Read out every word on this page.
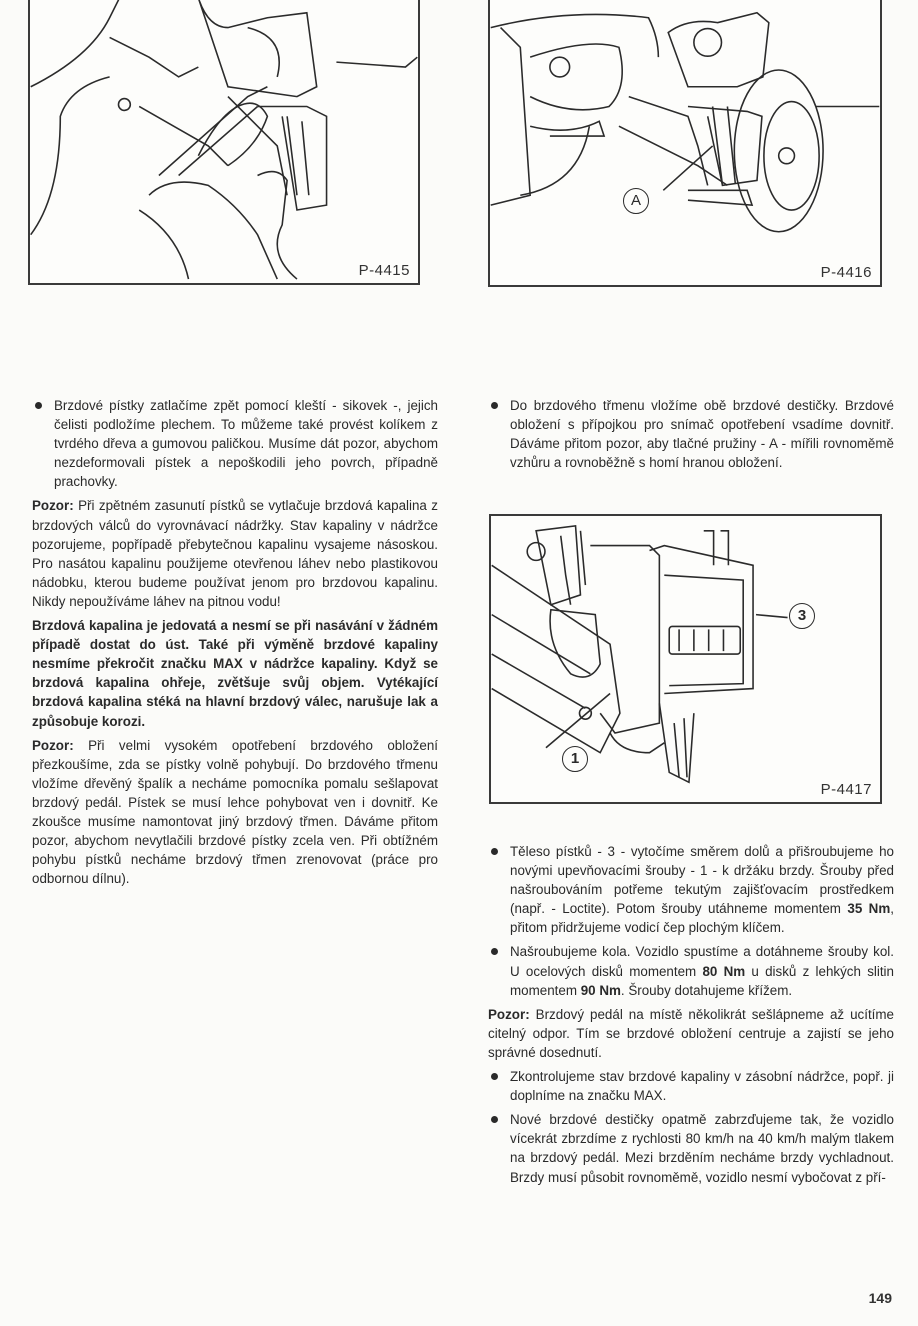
P-4415
A
P-4416
Do brzdového třmenu vložíme obě brzdové destičky. Brzdové obložení s přípojkou pro snímač opotřebení vsadíme dovnitř. Dáváme přitom pozor, aby tlačné pružiny - A - mířili rovnoměmě vzhůru a rovnoběžně s homí hranou obložení.
3
1
P-4417
Brzdové pístky zatlačíme zpět pomocí kleští - sikovek -, jejich čelisti podložíme plechem. To můžeme také provést kolíkem z tvrdého dřeva a gumovou paličkou. Musíme dát pozor, abychom nezdeformovali pístek a nepoškodili jeho povrch, případně prachovky.
Pozor: Při zpětném zasunutí pístků se vytlačuje brzdová kapalina z brzdových válců do vyrovnávací nádržky. Stav kapaliny v nádržce pozorujeme, popřípadě přebytečnou kapalinu vysajeme násoskou. Pro nasátou kapalinu použijeme otevřenou láhev nebo plastikovou nádobku, kterou budeme používat jenom pro brzdovou kapalinu. Nikdy nepoužíváme láhev na pitnou vodu!
Brzdová kapalina je jedovatá a nesmí se při nasávání v žádném případě dostat do úst. Také při výměně brzdové kapaliny nesmíme překročit značku MAX v nádržce kapaliny. Když se brzdová kapalina ohřeje, zvětšuje svůj objem. Vytékající brzdová kapalina stéká na hlavní brzdový válec, narušuje lak a způsobuje korozi.
Pozor: Při velmi vysokém opotřebení brzdového obložení přezkoušíme, zda se pístky volně pohybují. Do brzdového třmenu vložíme dřevěný špalík a necháme pomocníka pomalu sešlapovat brzdový pedál. Pístek se musí lehce pohybovat ven i dovnitř. Ke zkoušce musíme namontovat jiný brzdový třmen. Dáváme přitom pozor, abychom nevytlačili brzdové pístky zcela ven. Při obtížném pohybu pístků necháme brzdový třmen zrenovovat (práce pro odbornou dílnu).
Těleso pístků - 3 - vytočíme směrem dolů a přišroubujeme ho novými upevňovacími šrouby - 1 - k držáku brzdy. Šrouby před našroubováním potřeme tekutým zajišťovacím prostředkem (např. - Loctite). Potom šrouby utáhneme momentem 35 Nm, přitom přidržujeme vodicí čep plochým klíčem.
Našroubujeme kola. Vozidlo spustíme a dotáhneme šrouby kol. U ocelových disků momentem 80 Nm u disků z lehkých slitin momentem 90 Nm. Šrouby dotahujeme křížem.
Pozor: Brzdový pedál na místě několikrát sešlápneme až ucítíme citelný odpor. Tím se brzdové obložení centruje a zajistí se jeho správné dosednutí.
Zkontrolujeme stav brzdové kapaliny v zásobní nádržce, popř. ji doplníme na značku MAX.
Nové brzdové destičky opatmě zabrzďujeme tak, že vozidlo vícekrát zbrzdíme z rychlosti 80 km/h na 40 km/h malým tlakem na brzdový pedál. Mezi brzděním necháme brzdy vychladnout. Brzdy musí působit rovnoměmě, vozidlo nesmí vybočovat z pří-
149
